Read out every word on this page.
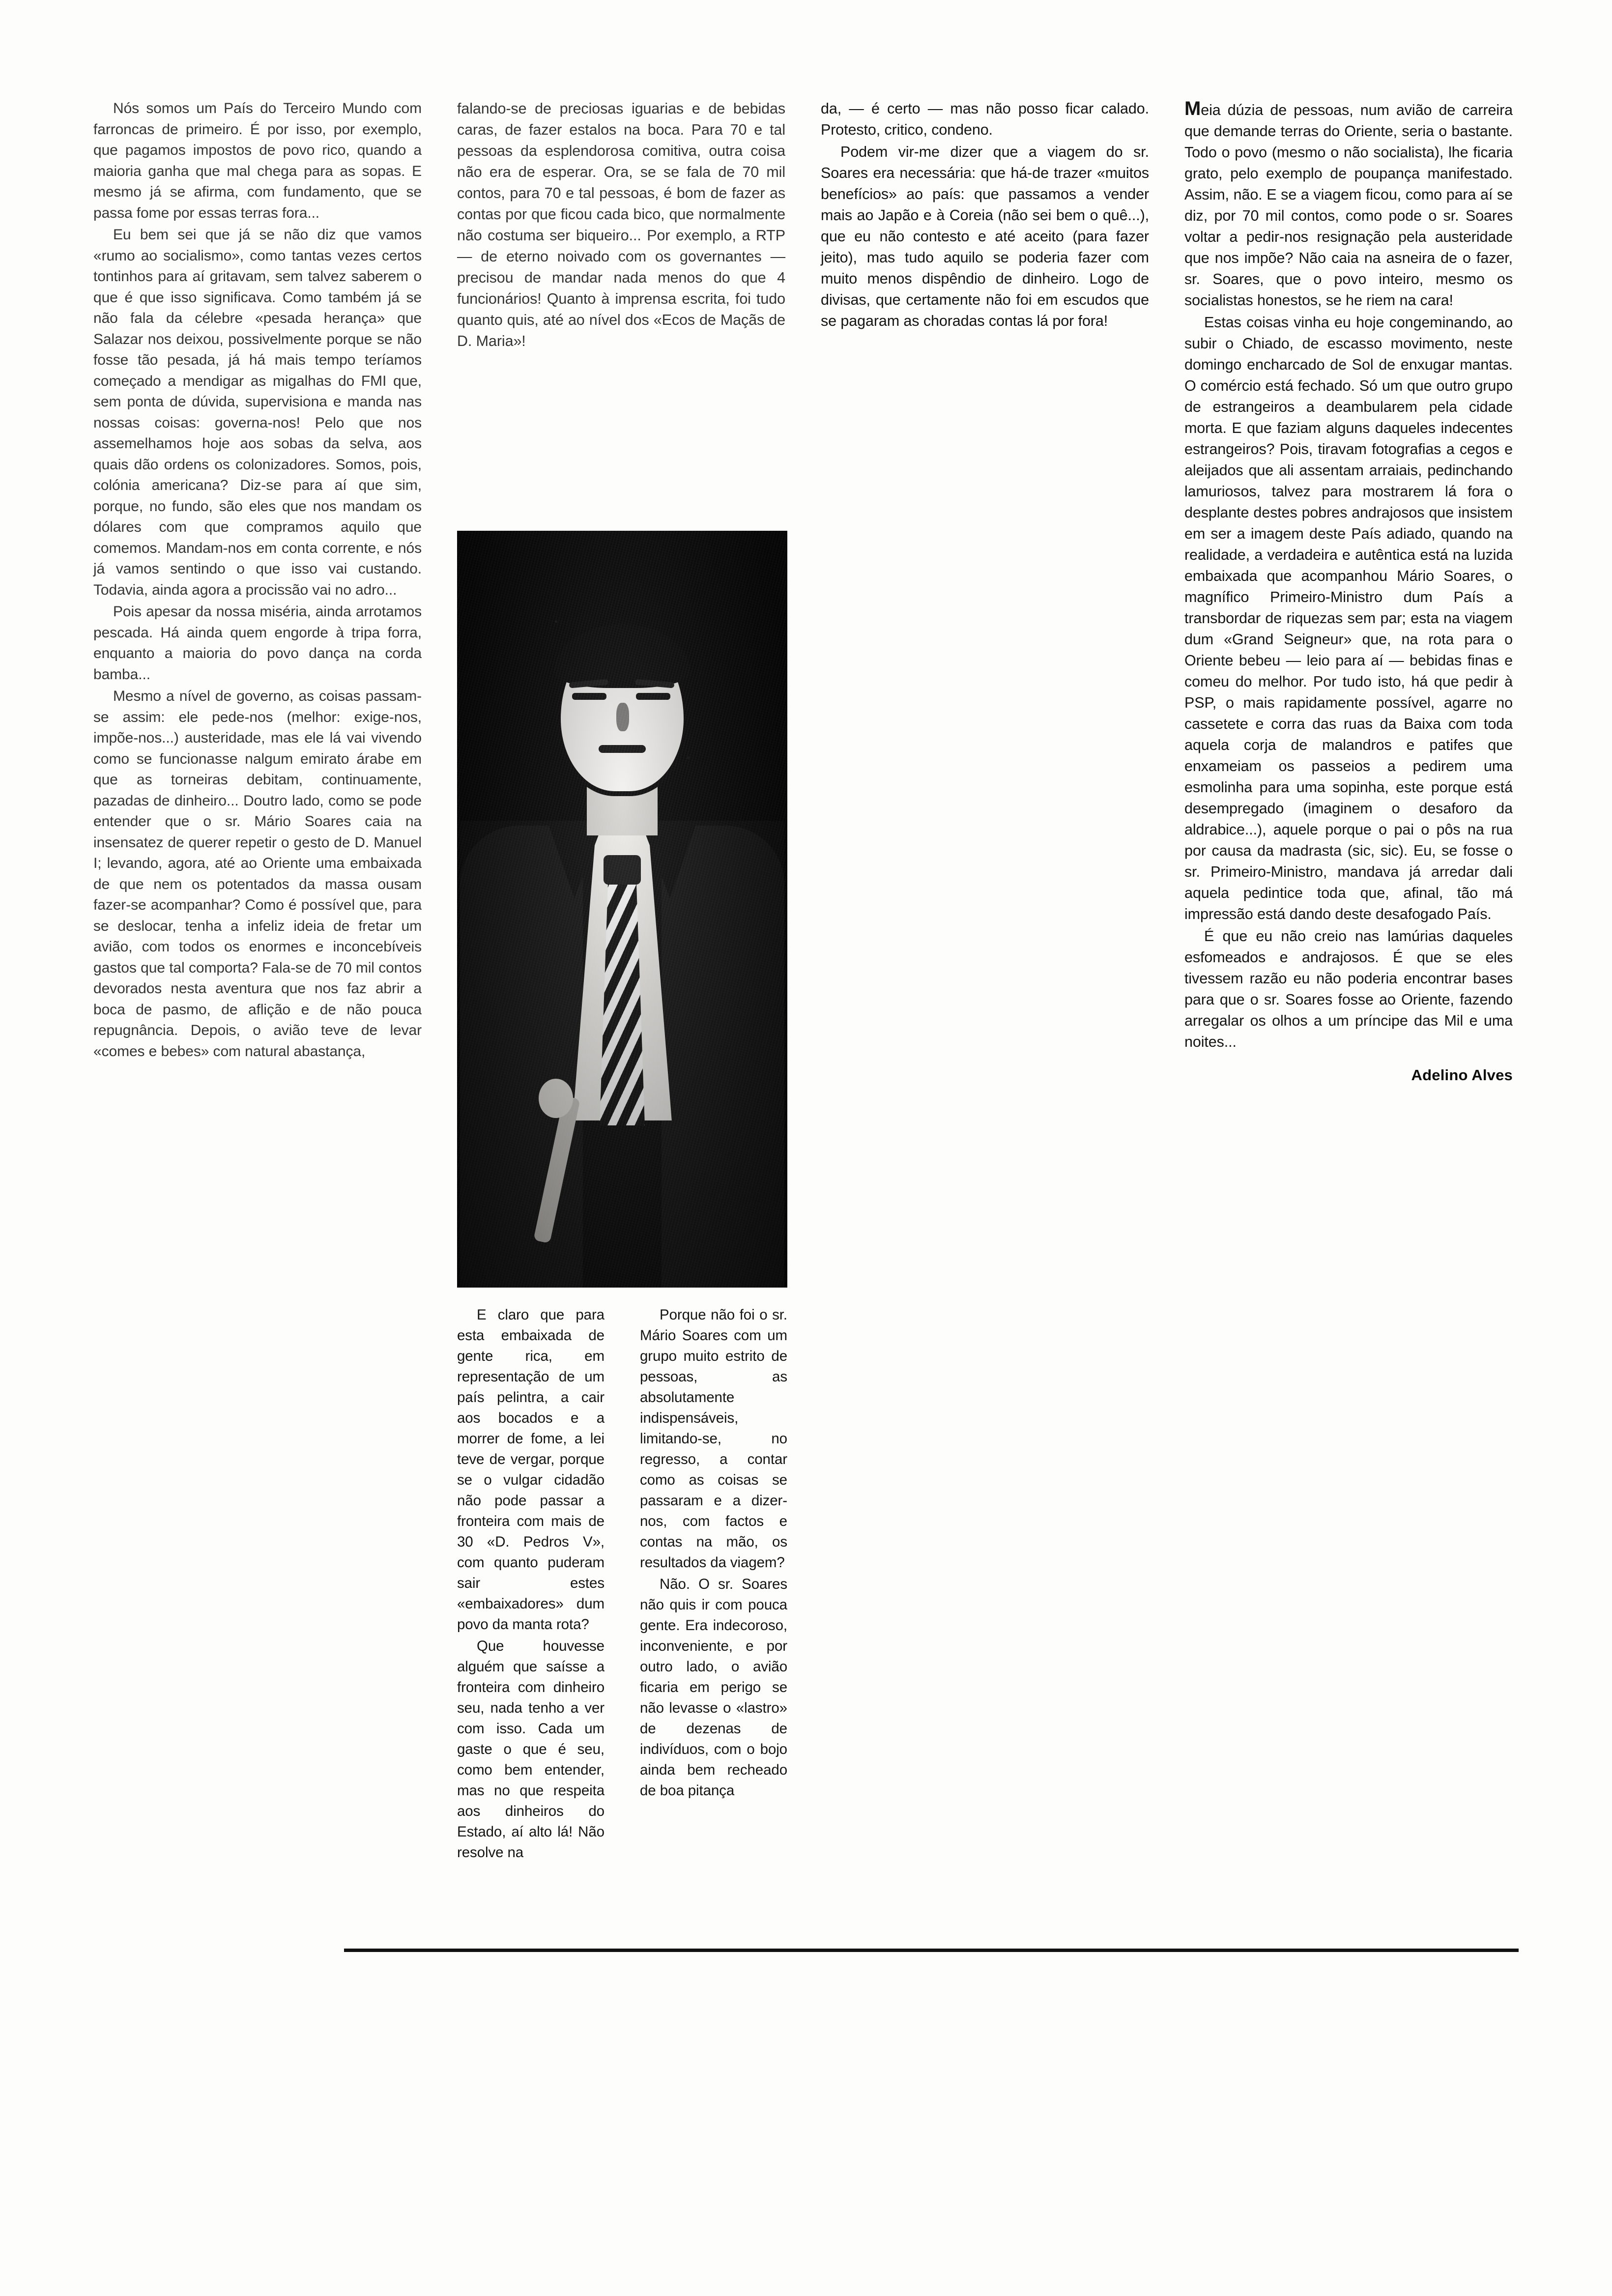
Nós somos um País do Terceiro Mundo com farroncas de primeiro. É por isso, por exemplo, que pagamos impostos de povo rico, quando a maioria ganha que mal chega para as sopas. E mesmo já se afirma, com fundamento, que se passa fome por essas terras fora...

Eu bem sei que já se não diz que vamos «rumo ao socialismo», como tantas vezes certos tontinhos para aí gritavam, sem talvez saberem o que é que isso significava. Como também já se não fala da célebre «pesada herança» que Salazar nos deixou, possivelmente porque se não fosse tão pesada, já há mais tempo teríamos começado a mendigar as migalhas do FMI que, sem ponta de dúvida, supervisiona e manda nas nossas coisas: governa-nos! Pelo que nos assemelhamos hoje aos sobas da selva, aos quais dão ordens os colonizadores. Somos, pois, colónia americana? Diz-se para aí que sim, porque, no fundo, são eles que nos mandam os dólares com que compramos aquilo que comemos. Mandam-nos em conta corrente, e nós já vamos sentindo o que isso vai custando. Todavia, ainda agora a procissão vai no adro...

Pois apesar da nossa miséria, ainda arrotamos pescada. Há ainda quem engorde à tripa forra, enquanto a maioria do povo dança na corda bamba...

Mesmo a nível de governo, as coisas passam-se assim: ele pede-nos (melhor: exige-nos, impõe-nos...) austeridade, mas ele lá vai vivendo como se funcionasse nalgum emirato árabe em que as torneiras debitam, continuamente, pazadas de dinheiro... Doutro lado, como se pode entender que o sr. Mário Soares caia na insensatez de querer repetir o gesto de D. Manuel I; levando, agora, até ao Oriente uma embaixada de que nem os potentados da massa ousam fazer-se acompanhar? Como é possível que, para se deslocar, tenha a infeliz ideia de fretar um avião, com todos os enormes e inconcebíveis gastos que tal comporta? Fala-se de 70 mil contos devorados nesta aventura que nos faz abrir a boca de pasmo, de aflição e de não pouca repugnância. Depois, o avião teve de levar «comes e bebes» com natural abastança,

falando-se de preciosas iguarias e de bebidas caras, de fazer estalos na boca. Para 70 e tal pessoas da esplendorosa comitiva, outra coisa não era de esperar. Ora, se se fala de 70 mil contos, para 70 e tal pessoas, é bom de fazer as contas por que ficou cada bico, que normalmente não costuma ser biqueiro... Por exemplo, a RTP — de eterno noivado com os governantes — precisou de mandar nada menos do que 4 funcionários! Quanto à imprensa escrita, foi tudo quanto quis, até ao nível dos «Ecos de Maçãs de D. Maria»!

da, — é certo — mas não posso ficar calado. Protesto, critico, condeno.

Podem vir-me dizer que a viagem do sr. Soares era necessária: que há-de trazer «muitos benefícios» ao país: que passamos a vender mais ao Japão e à Coreia (não sei bem o quê...), que eu não contesto e até aceito (para fazer jeito), mas tudo aquilo se poderia fazer com muito menos dispêndio de dinheiro. Logo de divisas, que certamente não foi em escudos que se pagaram as choradas contas lá por fora!

Meia dúzia de pessoas, num avião de carreira que demande terras do Oriente, seria o bastante. Todo o povo (mesmo o não socialista), lhe ficaria grato, pelo exemplo de poupança manifestado. Assim, não. E se a viagem ficou, como para aí se diz, por 70 mil contos, como pode o sr. Soares voltar a pedir-nos resignação pela austeridade que nos impõe? Não caia na asneira de o fazer, sr. Soares, que o povo inteiro, mesmo os socialistas honestos, se he riem na cara!

Estas coisas vinha eu hoje congeminando, ao subir o Chiado, de escasso movimento, neste domingo encharcado de Sol de enxugar mantas. O comércio está fechado. Só um que outro grupo de estrangeiros a deambularem pela cidade morta. E que faziam alguns daqueles indecentes estrangeiros? Pois, tiravam fotografias a cegos e aleijados que ali assentam arraiais, pedinchando lamuriosos, talvez para mostrarem lá fora o desplante destes pobres andrajosos que insistem em ser a imagem deste País adiado, quando na realidade, a verdadeira e autêntica está na luzida embaixada que acompanhou Mário Soares, o magnífico Primeiro-Ministro dum País a transbordar de riquezas sem par; esta na viagem dum «Grand Seigneur» que, na rota para o Oriente bebeu — leio para aí — bebidas finas e comeu do melhor. Por tudo isto, há que pedir à PSP, o mais rapidamente possível, agarre no cassetete e corra das ruas da Baixa com toda aquela corja de malandros e patifes que enxameiam os passeios a pedirem uma esmolinha para uma sopinha, este porque está desempregado (imaginem o desaforo da aldrabice...), aquele porque o pai o pôs na rua por causa da madrasta (sic, sic). Eu, se fosse o sr. Primeiro-Ministro, mandava já arredar dali aquela pedintice toda que, afinal, tão má impressão está dando deste desafogado País.

É que eu não creio nas lamúrias daqueles esfomeados e andrajosos. É que se eles tivessem razão eu não poderia encontrar bases para que o sr. Soares fosse ao Oriente, fazendo arregalar os olhos a um príncipe das Mil e uma noites...

Adelino Alves

E claro que para esta embaixada de gente rica, em representação de um país pelintra, a cair aos bocados e a morrer de fome, a lei teve de vergar, porque se o vulgar cidadão não pode passar a fronteira com mais de 30 «D. Pedros V», com quanto puderam sair estes «embaixadores» dum povo da manta rota?

Que houvesse alguém que saísse a fronteira com dinheiro seu, nada tenho a ver com isso. Cada um gaste o que é seu, como bem entender, mas no que respeita aos dinheiros do Estado, aí alto lá! Não resolve na

Porque não foi o sr. Mário Soares com um grupo muito estrito de pessoas, as absolutamente indispensáveis, limitando-se, no regresso, a contar como as coisas se passaram e a dizer-nos, com factos e contas na mão, os resultados da viagem?

Não. O sr. Soares não quis ir com pouca gente. Era indecoroso, inconveniente, e por outro lado, o avião ficaria em perigo se não levasse o «lastro» de dezenas de indivíduos, com o bojo ainda bem recheado de boa pitança
